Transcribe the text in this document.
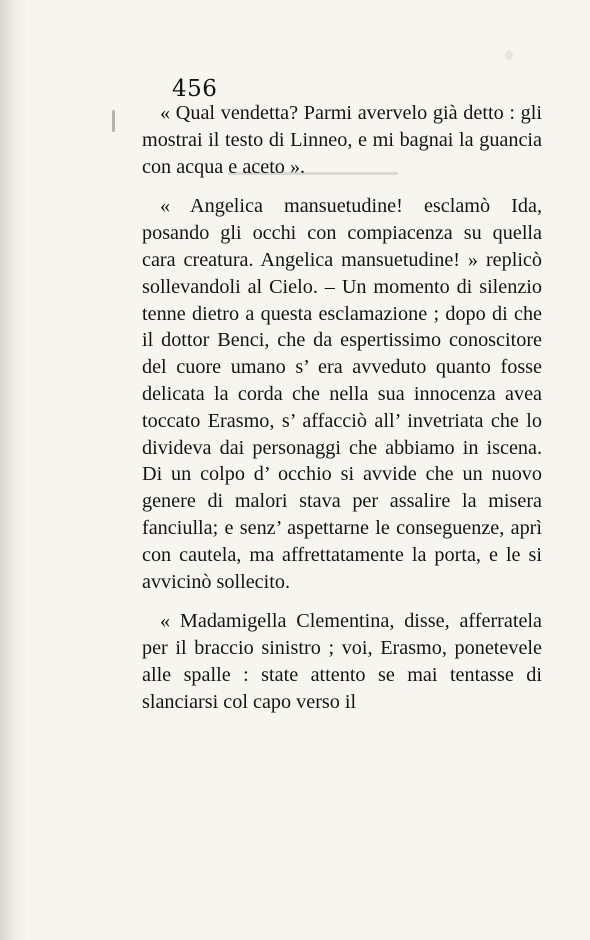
456

« Qual vendetta? Parmi avervelo già detto : gli mostrai il testo di Linneo, e mi bagnai la guancia con acqua e aceto ».

« Angelica mansuetudine! esclamò Ida, posando gli occhi con compiacenza su quella cara creatura. Angelica mansuetudine! » replicò sollevandoli al Cielo. – Un momento di silenzio tenne dietro a questa esclamazione ; dopo di che il dottor Benci, che da espertissimo conoscitore del cuore umano s’ era avveduto quanto fosse delicata la corda che nella sua innocenza avea toccato Erasmo, s’ affacciò all’ invetriata che lo divideva dai personaggi che abbiamo in iscena. Di un colpo d’ occhio si avvide che un nuovo genere di malori stava per assalire la misera fanciulla; e senz’ aspettarne le conseguenze, aprì con cautela, ma affrettatamente la porta, e le si avvicinò sollecito.

« Madamigella Clementina, disse, afferratela per il braccio sinistro ; voi, Erasmo, ponetevele alle spalle : state attento se mai tentasse di slanciarsi col capo verso il
